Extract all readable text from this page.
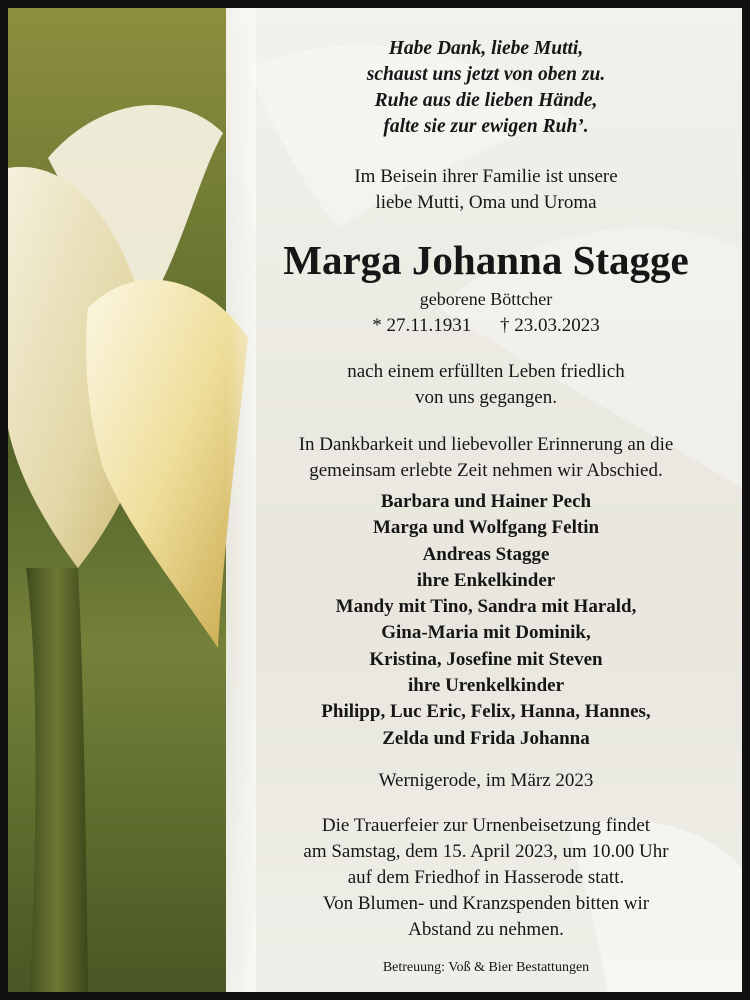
Habe Dank, liebe Mutti,

schaust uns jetzt von oben zu.

Ruhe aus die lieben Hände,

falte sie zur ewigen Ruh’.

Im Beisein ihrer Familie ist unsere

liebe Mutti, Oma und Uroma

Marga Johanna Stagge
geborene Böttcher
* 27.11.1931 † 23.03.2023

nach einem erfüllten Leben friedlich

von uns gegangen.

In Dankbarkeit und liebevoller Erinnerung an die

gemeinsam erlebte Zeit nehmen wir Abschied.

Barbara und Hainer Pech

Marga und Wolfgang Feltin

Andreas Stagge

ihre Enkelkinder

Mandy mit Tino, Sandra mit Harald,

Gina-Maria mit Dominik,

Kristina, Josefine mit Steven

ihre Urenkelkinder

Philipp, Luc Eric, Felix, Hanna, Hannes,

Zelda und Frida Johanna

Wernigerode, im März 2023

Die Trauerfeier zur Urnenbeisetzung findet

am Samstag, dem 15. April 2023, um 10.00 Uhr

auf dem Friedhof in Hasserode statt.

Von Blumen- und Kranzspenden bitten wir

Abstand zu nehmen.

Betreuung: Voß & Bier Bestattungen
